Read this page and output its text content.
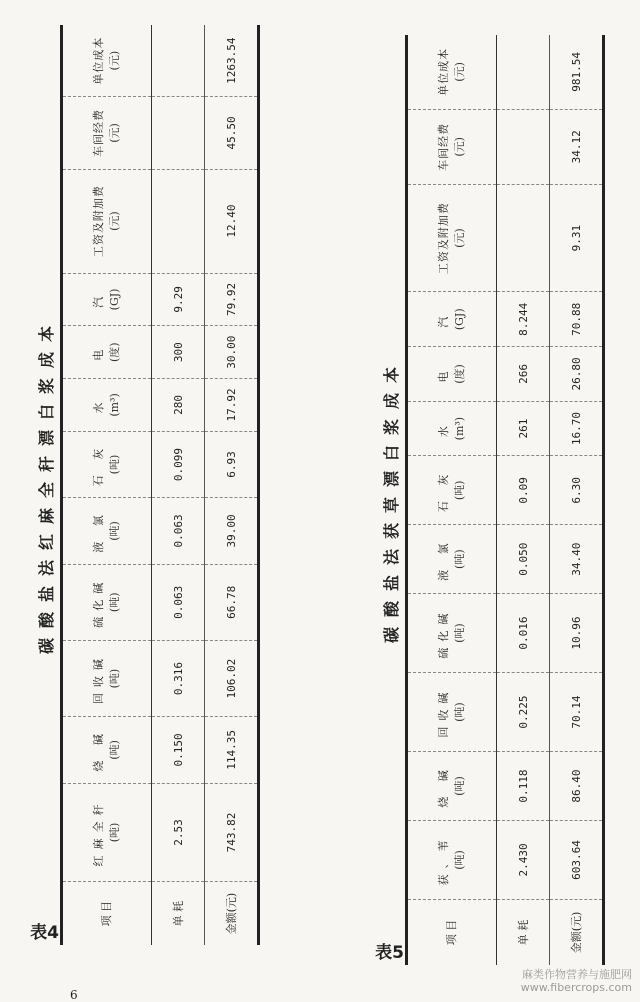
表4
碳酸盐法红麻全秆漂白浆成本
项 目	红麻全秆 (吨)	烧 碱 (吨)	回收碱 (吨)	硫化碱 (吨)	液 氯 (吨)	石 灰 (吨)	水 (m³)	电 (度)	汽 (GJ)	工资及附加费 (元)	车间经费 (元)	单位成本 (元)

单 耗	2.53	0.150	0.316	0.063	0.063	0.099	280	300	9.29			
金额(元)	743.82	114.35	106.02	66.78	39.00	6.93	17.92	30.00	79.92	12.40	45.50	1263.54
表5
碳酸盐法获草漂白浆成本
项 目	获、苇 (吨)	烧 碱 (吨)	回收碱 (吨)	硫化碱 (吨)	液 氯 (吨)	石 灰 (吨)	水 (m³)	电 (度)	汽 (GJ)	工资及附加费 (元)	车间经费 (元)	单位成本 (元)

单 耗	2.430	0.118	0.225	0.016	0.050	0.09	261	266	8.244			
金额(元)	603.64	86.40	70.14	10.96	34.40	6.30	16.70	26.80	70.88	9.31	34.12	981.54
6
麻类作物营养与施肥网
www.fibercrops.com
